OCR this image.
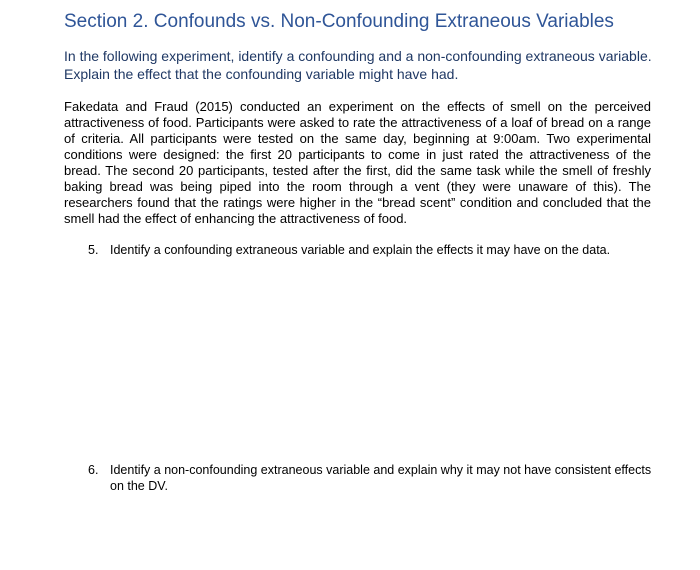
Section 2. Confounds vs. Non-Confounding Extraneous Variables

In the following experiment, identify a confounding and a non-confounding extraneous variable. Explain the effect that the confounding variable might have had.

Fakedata and Fraud (2015) conducted an experiment on the effects of smell on the perceived attractiveness of food. Participants were asked to rate the attractiveness of a loaf of bread on a range of criteria. All participants were tested on the same day, beginning at 9:00am. Two experimental conditions were designed: the first 20 participants to come in just rated the attractiveness of the bread. The second 20 participants, tested after the first, did the same task while the smell of freshly baking bread was being piped into the room through a vent (they were unaware of this). The researchers found that the ratings were higher in the “bread scent” condition and concluded that the smell had the effect of enhancing the attractiveness of food.

5. Identify a confounding extraneous variable and explain the effects it may have on the data.
6. Identify a non-confounding extraneous variable and explain why it may not have consistent effects on the DV.
